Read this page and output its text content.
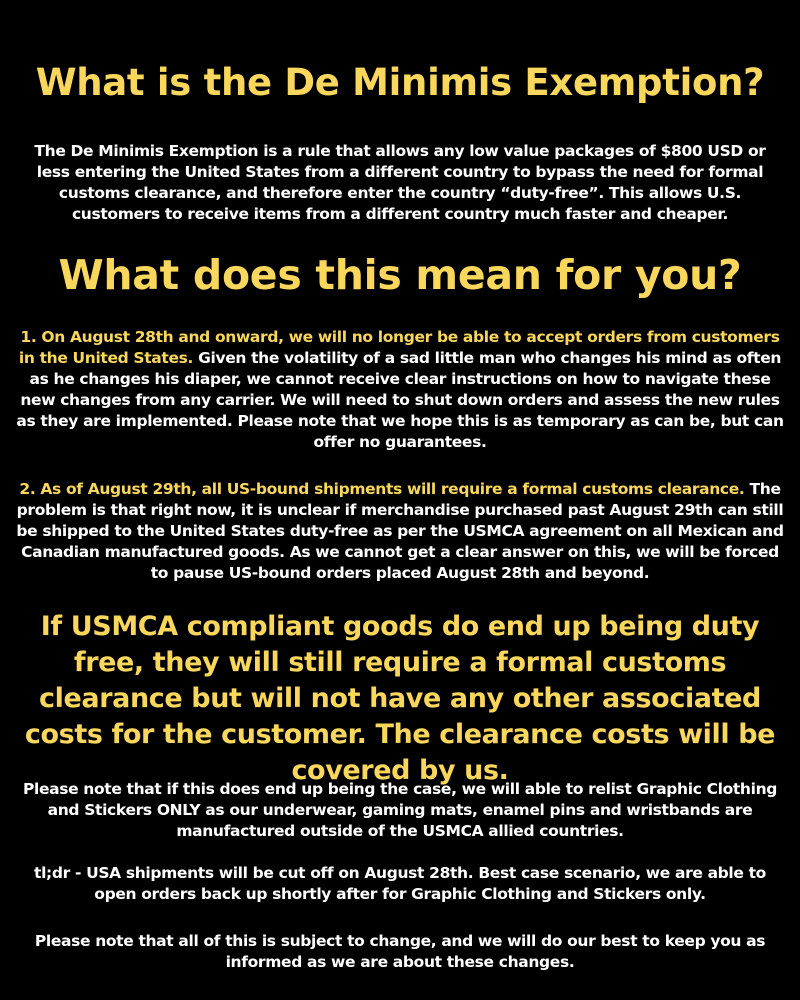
What is the De Minimis Exemption?

The De Minimis Exemption is a rule that allows any low value packages of $800 USD or less entering the United States from a different country to bypass the need for formal customs clearance, and therefore enter the country “duty-free”. This allows U.S. customers to receive items from a different country much faster and cheaper.

What does this mean for you?

1. On August 28th and onward, we will no longer be able to accept orders from customers in the United States. Given the volatility of a sad little man who changes his mind as often as he changes his diaper, we cannot receive clear instructions on how to navigate these new changes from any carrier. We will need to shut down orders and assess the new rules as they are implemented. Please note that we hope this is as temporary as can be, but can offer no guarantees.

2. As of August 29th, all US-bound shipments will require a formal customs clearance. The problem is that right now, it is unclear if merchandise purchased past August 29th can still be shipped to the United States duty-free as per the USMCA agreement on all Mexican and Canadian manufactured goods. As we cannot get a clear answer on this, we will be forced to pause US-bound orders placed August 28th and beyond.

If USMCA compliant goods do end up being duty free, they will still require a formal customs clearance but will not have any other associated costs for the customer. The clearance costs will be covered by us.

Please note that if this does end up being the case, we will able to relist Graphic Clothing and Stickers ONLY as our underwear, gaming mats, enamel pins and wristbands are manufactured outside of the USMCA allied countries.

tl;dr - USA shipments will be cut off on August 28th. Best case scenario, we are able to open orders back up shortly after for Graphic Clothing and Stickers only.

Please note that all of this is subject to change, and we will do our best to keep you as informed as we are about these changes.
